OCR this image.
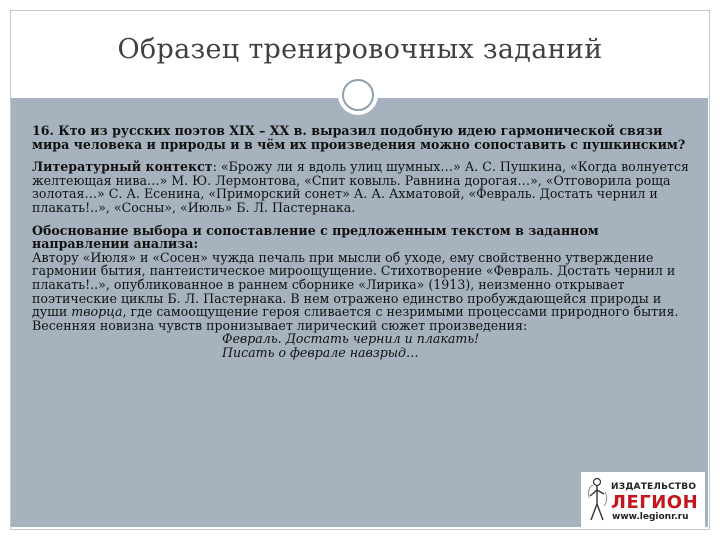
Образец тренировочных заданий

16. Кто из русских поэтов XIX – XX в. выразил подобную идею гармонической связи мира человека и природы и в чём их произведения можно сопоставить с пушкинским?

Литературный контекст: «Брожу ли я вдоль улиц шумных…» А. С. Пушкина, «Когда волнуется желтеющая нива…» М. Ю. Лермонтова, «Спит ковыль. Равнина дорогая…», «Отговорила роща золотая…» С. А. Есенина, «Приморский сонет» А. А. Ахматовой, «Февраль. Достать чернил и плакать!..», «Сосны», «Июль» Б. Л. Пастернака.

Обоснование выбора и сопоставление с предложенным текстом в заданном направлении анализа:

Автору «Июля» и «Сосен» чужда печаль при мысли об уходе, ему свойственно утверждение гармонии бытия, пантеистическое мироощущение. Стихотворение «Февраль. Достать чернил и плакать!..», опубликованное в раннем сборнике «Лирика» (1913), неизменно открывает поэтические циклы Б. Л. Пастернака. В нем отражено единство пробуждающейся природы и души творца, где самоощущение героя сливается с незримыми процессами природного бытия. Весенняя новизна чувств пронизывает лирический сюжет произведения:

Февраль. Достать чернил и плакать!

Писать о феврале навзрыд…

ИЗДАТЕЛЬСТВО
ЛЕГИОН
www.legionr.ru
